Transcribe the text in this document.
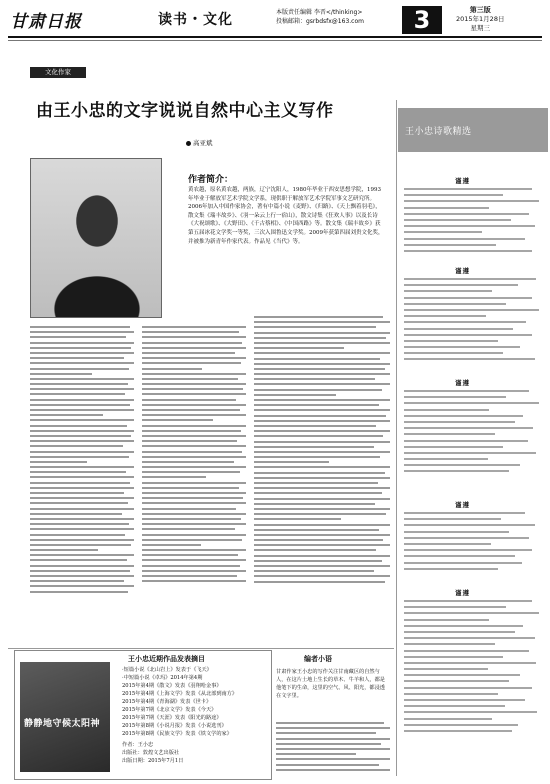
甘肃日报	读书・文化	本版责任编辑 李晋</thinking>
投稿邮箱：gsrbdsfx@163.com	3	第三版
2015年1月28日
星期三
文化作家
由王小忠的文字说说自然中心主义写作
高亚斌
作者简介：
黄农越，原名黄农越，两族，辽宁沈阳人，1980年毕业于西安思想学院，1993年毕业于解放军艺术学院文学系，现供职于解放军艺术学院军事文艺研究所。2006年加入中国作家协会，著有中篇小说《麦野》、《归路》、《天上飘着羽毛》，散文集《瑞丰故乡》、《羽一朵云上行一宿山》，散文诗集《狂欢人事》以及长诗《大祝颂歌》、《大野田》、《千古蔡相》、《中国西路》等。散文集《瑞丰故乡》获第五届冰花文学奖一等奖，三次入围鲁迅文学奖。2009年获第四届刘贵文化奖，并被推为新青年作家代表。作品见《当代》等。
王小忠诗歌精选
谨遵
谨遵
谨遵
谨遵
谨遵
静静地守候太阳神
王小忠近期作品发表摘目
·短篇小说《北山岩上》发表于《飞天》
·中短篇小说《卓玛》2014年第4期
2015年第4期《散文》发表《羽翔哈金事》
2015年第4期《上海文学》发表《从北部到南方》
2015年第4期《青海湖》发表《世卡》
2015年第7期《北京文学》发表《今天》
2015年第7期《天涯》发表《阳光的路途》
2015年第8期《小说月报》发表《小说选刊》
2015年第8期《民族文学》发表《铁文学的家》
作者：王小忠
出版社：敦煌文艺出版社
出版日期：2015年7月1日
编者小语
甘肃作家王小忠的写作关注甘南藏区的自然与人，在这片土地上生长的草木、牛羊和人，都是他笔下的生命，这里的空气、风、阳光，都浸透在文字里。
